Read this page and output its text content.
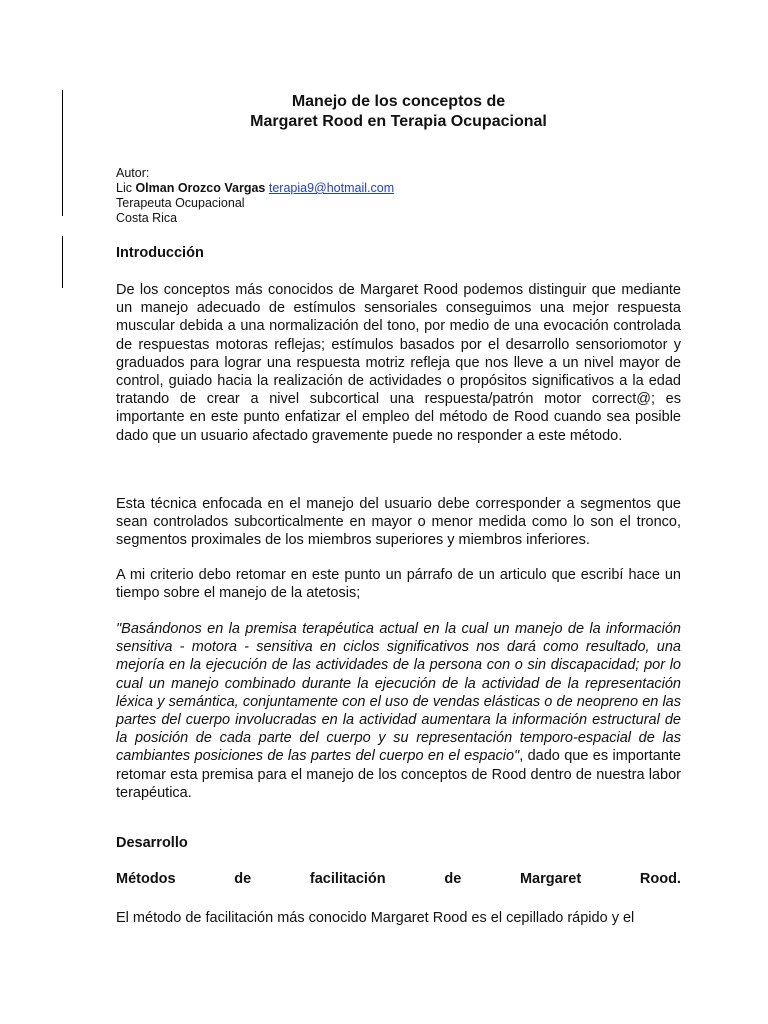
Manejo de los conceptos de
Margaret Rood en Terapia Ocupacional
Autor:
Lic Olman Orozco Vargas terapia9@hotmail.com
Terapeuta Ocupacional
Costa Rica
Introducción
De los conceptos más conocidos de Margaret Rood podemos distinguir que mediante un manejo adecuado de estímulos sensoriales conseguimos una mejor respuesta muscular debida a una normalización del tono, por medio de una evocación controlada de respuestas motoras reflejas; estímulos basados por el desarrollo sensoriomotor y graduados para lograr una respuesta motriz refleja que nos lleve a un nivel mayor de control, guiado hacia la realización de actividades o propósitos significativos a la edad tratando de crear a nivel subcortical una respuesta/patrón motor correct@; es importante en este punto enfatizar el empleo del método de Rood cuando sea posible dado que un usuario afectado gravemente puede no responder a este método.
Esta técnica enfocada en el manejo del usuario debe corresponder a segmentos que sean controlados subcorticalmente en mayor o menor medida como lo son el tronco, segmentos proximales de los miembros superiores y miembros inferiores.
A mi criterio debo retomar en este punto un párrafo de un articulo que escribí hace un tiempo sobre el manejo de la atetosis;
"Basándonos en la premisa terapéutica actual en la cual un manejo de la información sensitiva - motora - sensitiva en ciclos significativos nos dará como resultado, una mejoría en la ejecución de las actividades de la persona con o sin discapacidad; por lo cual un manejo combinado durante la ejecución de la actividad de la representación léxica y semántica, conjuntamente con el uso de vendas elásticas o de neopreno en las partes del cuerpo involucradas en la actividad aumentara la información estructural de la posición de cada parte del cuerpo y su representación temporo-espacial de las cambiantes posiciones de las partes del cuerpo en el espacio", dado que es importante retomar esta premisa para el manejo de los conceptos de Rood dentro de nuestra labor terapéutica.
Desarrollo
Métodos	de	facilitación	de	Margaret	Rood.
El método de facilitación más conocido Margaret Rood es el cepillado rápido y el
